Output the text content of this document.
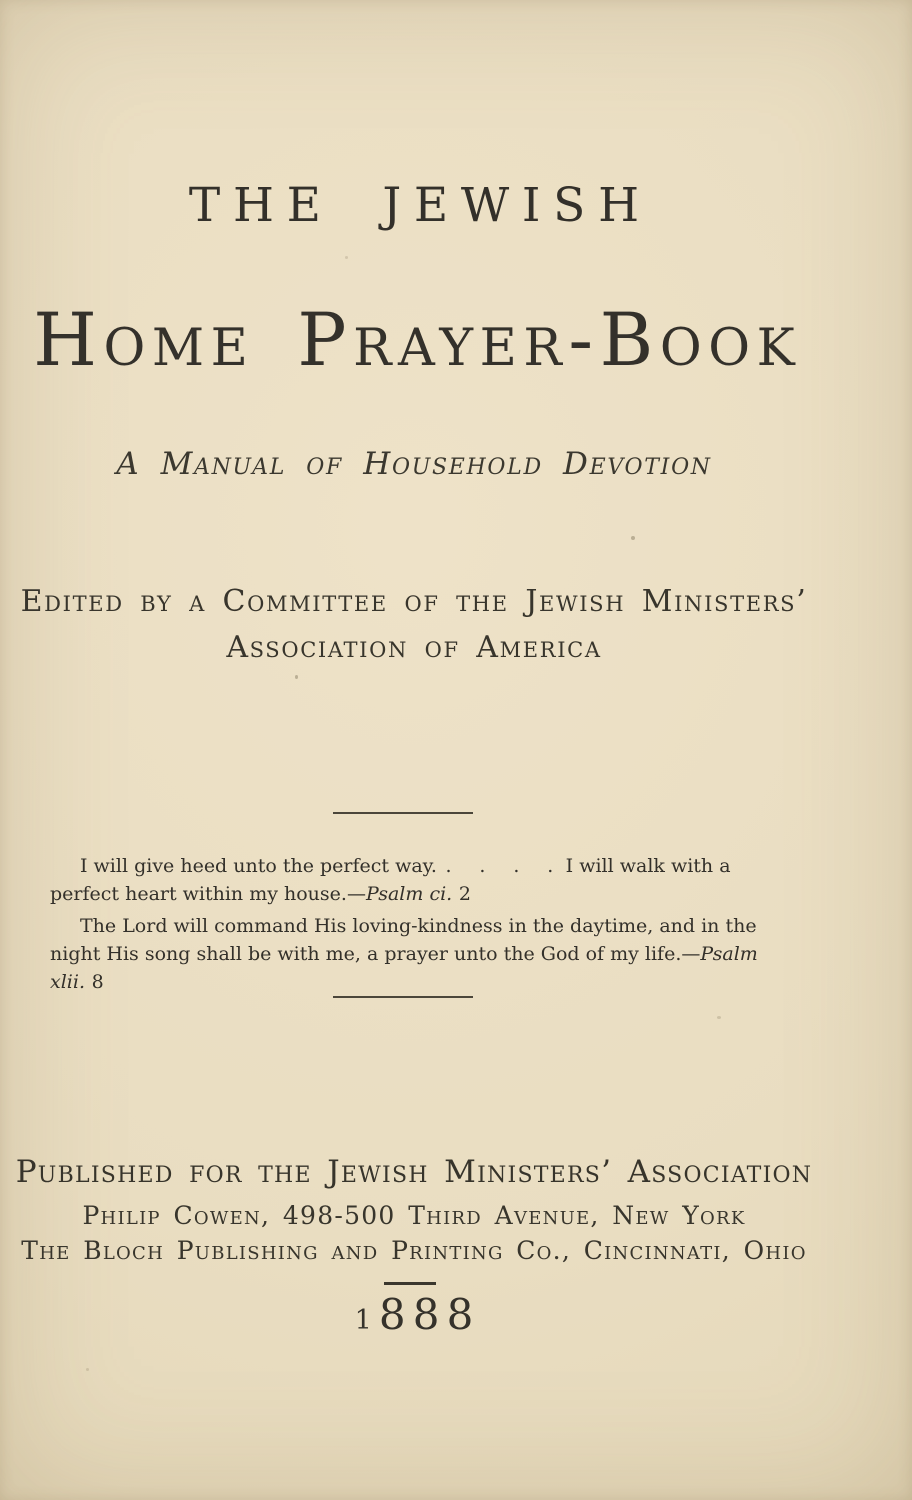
THE JEWISH
Home Prayer-Book
A Manual of Household Devotion
Edited by a Committee of the Jewish Ministers’
Association of America

I will give heed unto the perfect way. . . . . I will walk with a perfect heart within my house.—Psalm ci. 2

The Lord will command His loving-kindness in the daytime, and in the night His song shall be with me, a prayer unto the God of my life.—Psalm xlii. 8

Published for the Jewish Ministers’ Association
Philip Cowen, 498-500 Third Avenue, New York
The Bloch Publishing and Printing Co., Cincinnati, Ohio
1888
